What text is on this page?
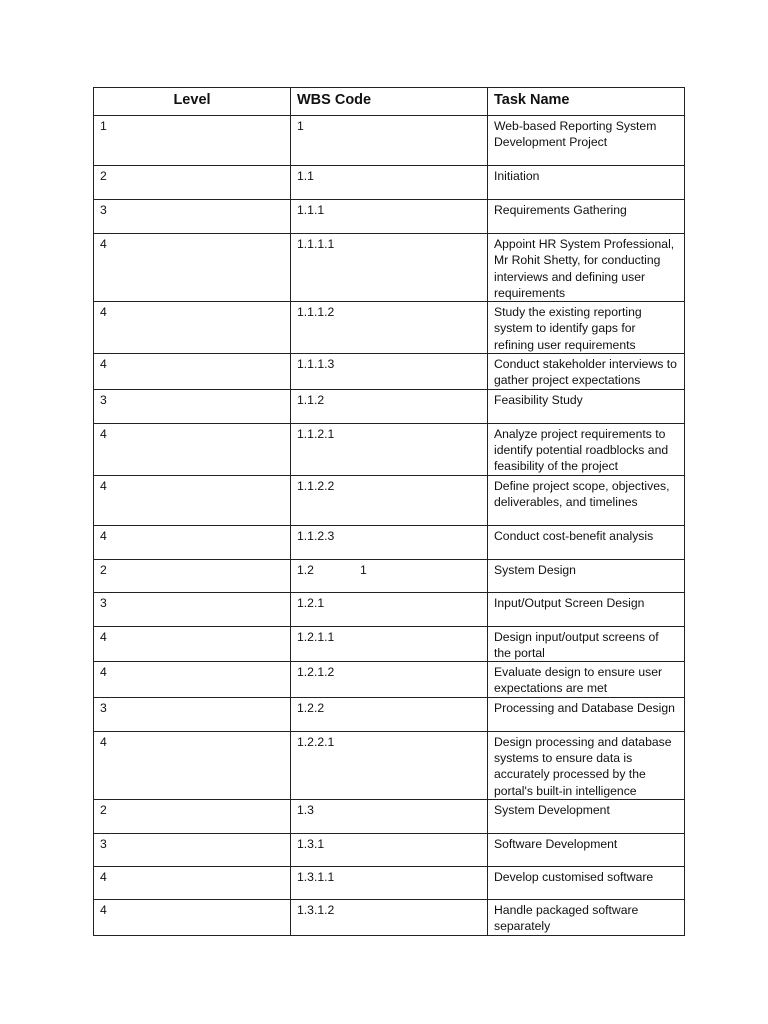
Level	WBS Code	Task Name
1	1	Web-based Reporting System Development Project
2	1.1	Initiation
3	1.1.1	Requirements Gathering
4	1.1.1.1	Appoint HR System Professional, Mr Rohit Shetty, for conducting interviews and defining user requirements
4	1.1.1.2	Study the existing reporting system to identify gaps for refining user requirements
4	1.1.1.3	Conduct stakeholder interviews to gather project expectations
3	1.1.2	Feasibility Study
4	1.1.2.1	Analyze project requirements to identify potential roadblocks and feasibility of the project
4	1.1.2.2	Define project scope, objectives, deliverables, and timelines
4	1.1.2.3	Conduct cost-benefit analysis
2	1.2 1	System Design
3	1.2.1	Input/Output Screen Design
4	1.2.1.1	Design input/output screens of the portal
4	1.2.1.2	Evaluate design to ensure user expectations are met
3	1.2.2	Processing and Database Design
4	1.2.2.1	Design processing and database systems to ensure data is accurately processed by the portal's built-in intelligence
2	1.3	System Development
3	1.3.1	Software Development
4	1.3.1.1	Develop customised software
4	1.3.1.2	Handle packaged software separately
